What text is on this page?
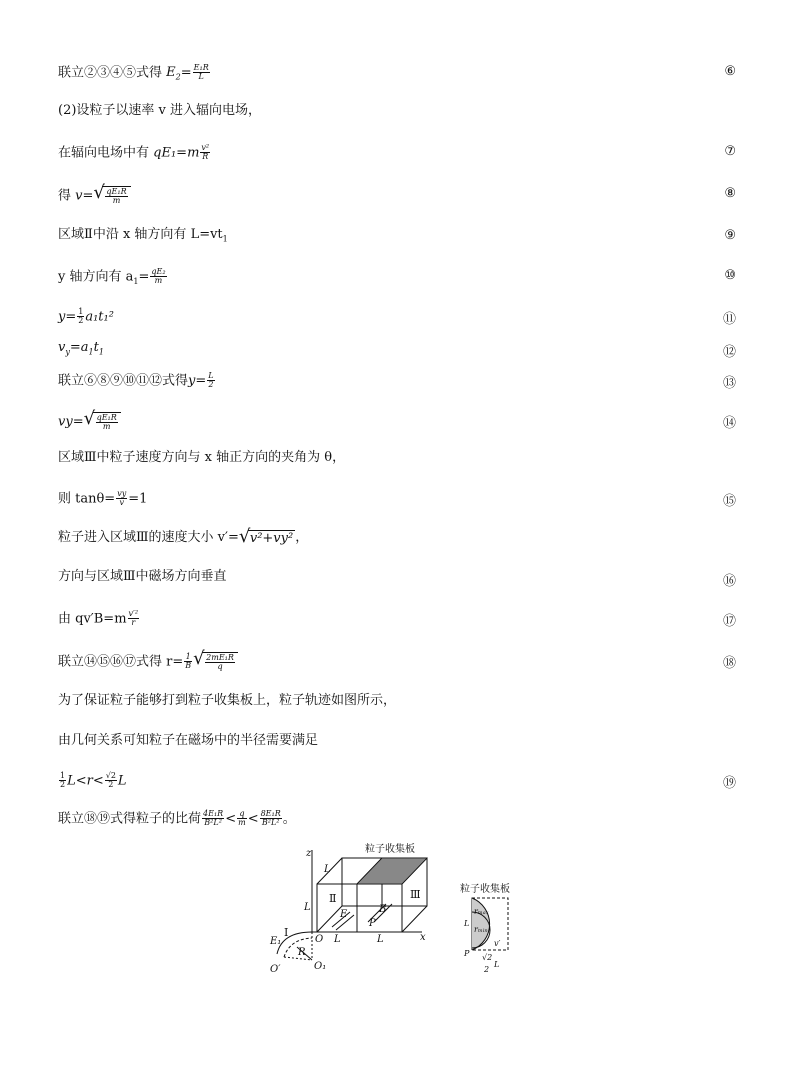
联立②③④⑤式得 $E_2= \frac{\text{E₁R}}{L}$	⑥
(2)设粒子以速率 v 进入辐向电场，
在辐向电场中有 $qE_1=m \frac{\text{v²}}{R}$	⑦
得 v= √ $\frac{\text{qE₁R}}{m}$	⑧
区域Ⅱ中沿 x 轴方向有 $L=vt_1$	⑨
y 轴方向有 $a_1= \frac{\text{qE₂}}{m}$	⑩
$y= \frac{1}{2} a_1t_1^2$	⑪
$v_y=a_1t_1$	⑫
联立⑥⑧⑨⑩⑪⑫式得$y= \frac{L}{2}$	⑬
vy= √ $\frac{\text{qE₁R}}{m}$	⑭
区域Ⅲ中粒子速度方向与 x 轴正方向的夹角为 θ，
则 $\tan\theta= \frac{vy}{v} =1$	⑮
粒子进入区域Ⅲ的速度大小 v′= √ v²+vy² ，
方向与区域Ⅲ中磁场方向垂直	⑯
由 $qv'B=m \frac{\text{v′²}}{r}$	⑰
联立⑭⑮⑯⑰式得 $r= \frac{1}{B}$ √ $\frac{\text{2mE₁R}}{q}$	⑱
为了保证粒子能够打到粒子收集板上，粒子轨迹如图所示，
由几何关系可知粒子在磁场中的半径需要满足
$\frac{1}{2} L<r< \frac{√2}{2}$ L	⑲
联立⑱⑲式得粒子的比荷 $\frac{\text{4E₁R}}{\text{B²L²}} < \frac{q}{m} < \frac{\text{8E₁R}}{\text{B²L²}}$ 。
z
x
L
L
L	L
O
O₁
O′
E₁
R
E	B
P
Ⅰ
Ⅱ	Ⅲ
粒子收集板
粒子收集板
rₘₐₓ
rₘᵢₙ
L
P
v′
√2
2
L
